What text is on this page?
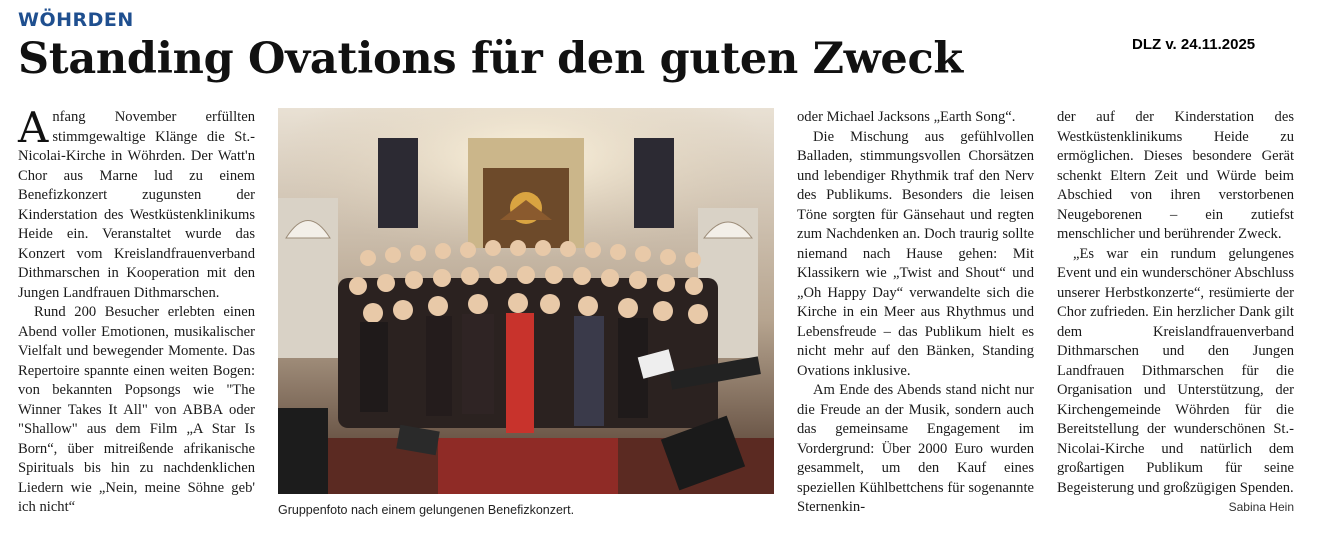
WÖHRDEN
Standing Ovations für den guten Zweck	DLZ v. 24.11.2025

Anfang November erfüllten stimmgewaltige Klänge die St.-Nicolai-Kirche in Wöhrden. Der Watt'n Chor aus Marne lud zu einem Benefizkonzert zugunsten der Kinderstation des Westküstenklinikums Heide ein. Veranstaltet wurde das Konzert vom Kreislandfrauenverband Dithmarschen in Kooperation mit den Jungen Landfrauen Dithmarschen.

Rund 200 Besucher erlebten einen Abend voller Emotionen, musikalischer Vielfalt und bewegender Momente. Das Repertoire spannte einen weiten Bogen: von bekannten Popsongs wie "The Winner Takes It All" von ABBA oder "Shallow" aus dem Film „A Star Is Born“, über mitreißende afrikanische Spirituals bis hin zu nachdenklichen Liedern wie „Nein, meine Söhne geb' ich nicht“	Gruppenfoto nach einem gelungenen Benefizkonzert.

oder Michael Jacksons „Earth Song“.

Die Mischung aus gefühlvollen Balladen, stimmungsvollen Chorsätzen und lebendiger Rhythmik traf den Nerv des Publikums. Besonders die leisen Töne sorgten für Gänsehaut und regten zum Nachdenken an. Doch traurig sollte niemand nach Hause gehen: Mit Klassikern wie „Twist and Shout“ und „Oh Happy Day“ verwandelte sich die Kirche in ein Meer aus Rhythmus und Lebensfreude – das Publikum hielt es nicht mehr auf den Bänken, Standing Ovations inklusive.

Am Ende des Abends stand nicht nur die Freude an der Musik, sondern auch das gemeinsame Engagement im Vordergrund: Über 2000 Euro wurden gesammelt, um den Kauf eines speziellen Kühlbettchens für sogenannte Sternenkin-

der auf der Kinderstation des Westküstenklinikums Heide zu ermöglichen. Dieses besondere Gerät schenkt Eltern Zeit und Würde beim Abschied von ihren verstorbenen Neugeborenen – ein zutiefst menschlicher und berührender Zweck.

„Es war ein rundum gelungenes Event und ein wunderschöner Abschluss unserer Herbstkonzerte“, resümierte der Chor zufrieden. Ein herzlicher Dank gilt dem Kreislandfrauenverband Dithmarschen und den Jungen Landfrauen Dithmarschen für die Organisation und Unterstützung, der Kirchengemeinde Wöhrden für die Bereitstellung der wunderschönen St.-Nicolai-Kirche und natürlich dem großartigen Publikum für seine Begeisterung und großzügigen Spenden.
Sabina Hein
